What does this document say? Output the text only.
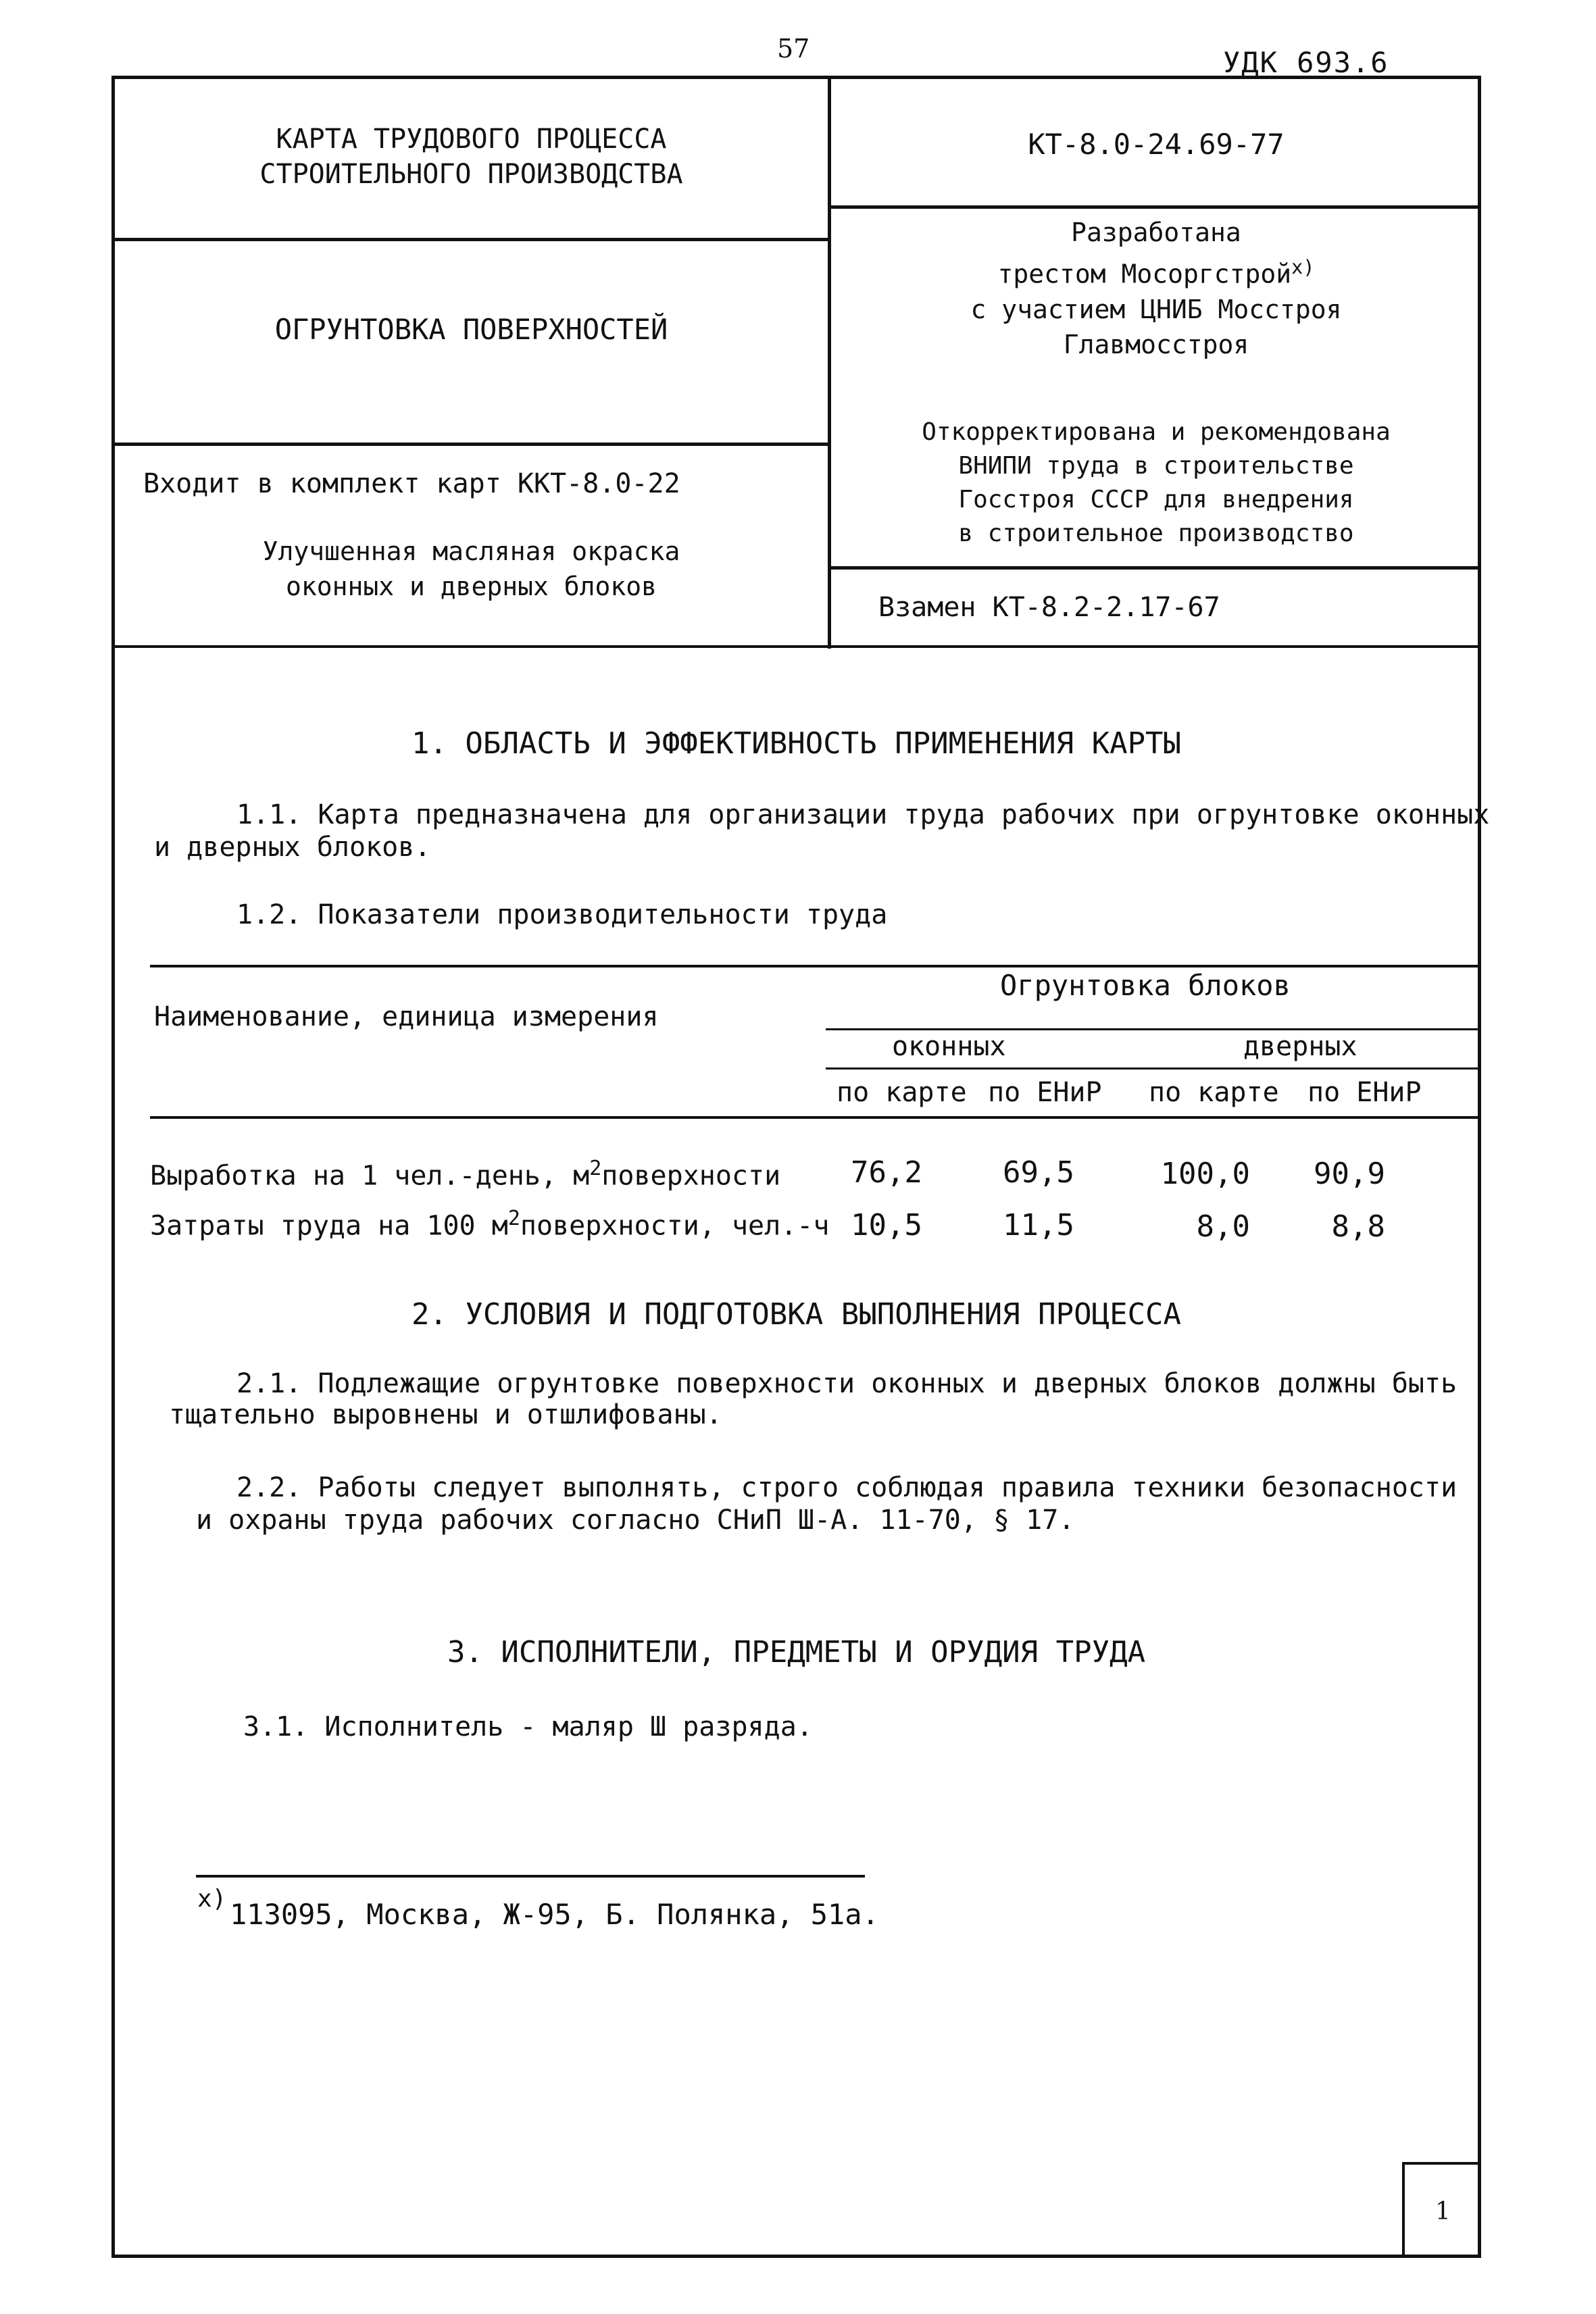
57	УДК 693.6
КАРТА ТРУДОВОГО ПРОЦЕССА
СТРОИТЕЛЬНОГО ПРОИЗВОДСТВА
ОГРУНТОВКА ПОВЕРХНОСТЕЙ
Входит в комплект карт ККТ-8.0-22
Улучшенная масляная окраска
оконных и дверных блоков
КТ-8.0-24.69-77
Разработана
трестом Мосоргстрой$^{x)}$
с участием ЦНИБ Мосстроя
Главмосстроя
Откорректирована и рекомендована
ВНИПИ труда в строительстве
Госстроя СССР для внедрения
в строительное производство
Взамен КТ-8.2-2.17-67
1. ОБЛАСТЬ И ЭФФЕКТИВНОСТЬ ПРИМЕНЕНИЯ КАРТЫ
1.1. Карта предназначена для организации труда рабочих при огрунтовке оконных
и дверных блоков.
1.2. Показатели производительности труда
Наименование, единица измерения
Огрунтовка блоков
оконных	дверных
по карте по ЕНиР по карте по ЕНиР
Выработка на 1 чел.-день, $м^2поверхности$	76,2	69,5	100,0	90,9
Затраты труда на 100 $м^2поверхности$, чел.-ч 10,5	11,5	8,0	8,8
2. УСЛОВИЯ И ПОДГОТОВКА ВЫПОЛНЕНИЯ ПРОЦЕССА
2.1. Подлежащие огрунтовке поверхности оконных и дверных блоков должны быть
тщательно выровнены и отшлифованы.
2.2. Работы следует выполнять, строго соблюдая правила техники безопасности
и охраны труда рабочих согласно СНиП Ш-А. 11-70, § 17.
3. ИСПОЛНИТЕЛИ, ПРЕДМЕТЫ И ОРУДИЯ ТРУДА
3.1. Исполнитель - маляр Ш разряда.
x) 113095, Москва, Ж-95, Б. Полянка, 51а.
1
